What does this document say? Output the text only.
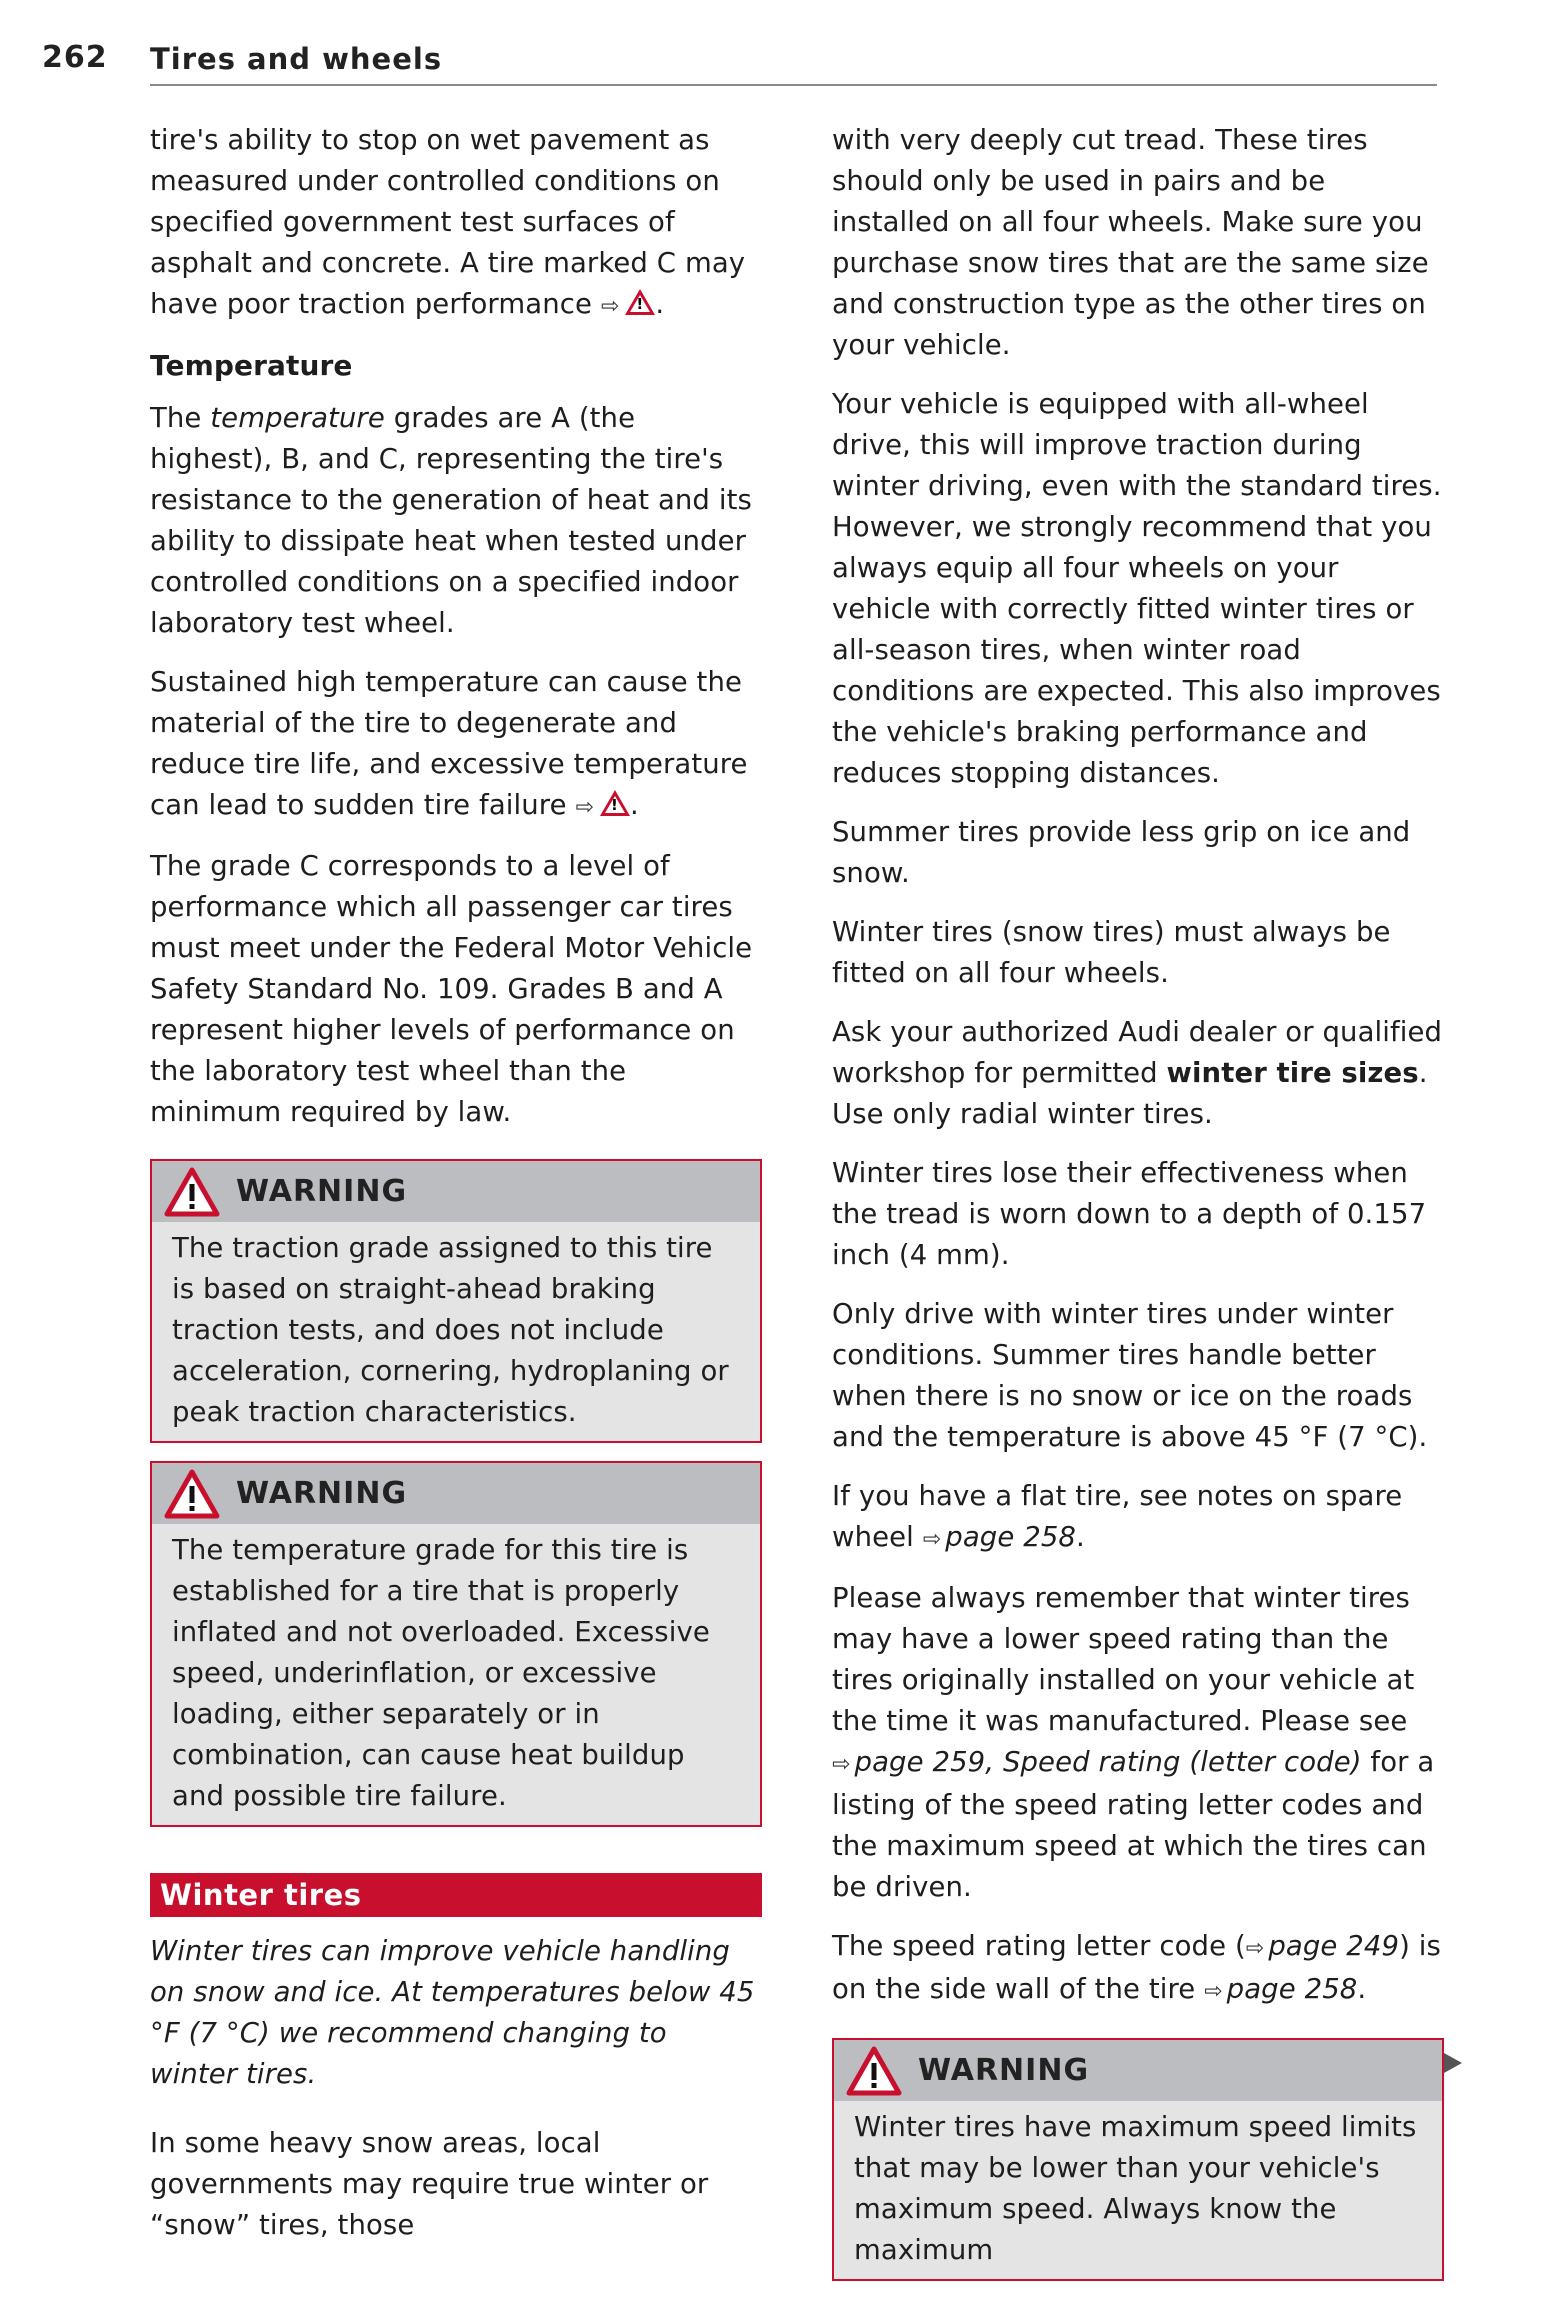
262 Tires and wheels

tire's ability to stop on wet pavement as measured under controlled conditions on specified government test surfaces of asphalt and concrete. A tire marked C may have poor traction performance ⇨ ! .

Temperature

The temperature grades are A (the highest), B, and C, representing the tire's resistance to the generation of heat and its ability to dissipate heat when tested under controlled conditions on a specified indoor laboratory test wheel.

Sustained high temperature can cause the material of the tire to degenerate and reduce tire life, and excessive temperature can lead to sudden tire failure ⇨ ! .

The grade C corresponds to a level of performance which all passenger car tires must meet under the Federal Motor Vehicle Safety Standard No. 109. Grades B and A represent higher levels of performance on the laboratory test wheel than the minimum required by law.

WARNING
The traction grade assigned to this tire is based on straight-ahead braking traction tests, and does not include acceleration, cornering, hydroplaning or peak traction characteristics.
WARNING
The temperature grade for this tire is established for a tire that is properly inflated and not overloaded. Excessive speed, underinflation, or excessive loading, either separately or in combination, can cause heat buildup and possible tire failure.
Winter tires

Winter tires can improve vehicle handling on snow and ice. At temperatures below 45 °F (7 °C) we recommend changing to winter tires.

In some heavy snow areas, local governments may require true winter or “snow” tires, those

with very deeply cut tread. These tires should only be used in pairs and be installed on all four wheels. Make sure you purchase snow tires that are the same size and construction type as the other tires on your vehicle.

Your vehicle is equipped with all-wheel drive, this will improve traction during winter driving, even with the standard tires. However, we strongly recommend that you always equip all four wheels on your vehicle with correctly fitted winter tires or all-season tires, when winter road conditions are expected. This also improves the vehicle's braking performance and reduces stopping distances.

Summer tires provide less grip on ice and snow.

Winter tires (snow tires) must always be fitted on all four wheels.

Ask your authorized Audi dealer or qualified workshop for permitted winter tire sizes. Use only radial winter tires.

Winter tires lose their effectiveness when the tread is worn down to a depth of 0.157 inch (4 mm).

Only drive with winter tires under winter conditions. Summer tires handle better when there is no snow or ice on the roads and the temperature is above 45 °F (7 °C).

If you have a flat tire, see notes on spare wheel ⇨ page 258.

Please always remember that winter tires may have a lower speed rating than the tires originally installed on your vehicle at the time it was manufactured. Please see ⇨ page 259, Speed rating (letter code) for a listing of the speed rating letter codes and the maximum speed at which the tires can be driven.

The speed rating letter code (⇨ page 249) is on the side wall of the tire ⇨ page 258.

WARNING
Winter tires have maximum speed limits that may be lower than your vehicle's maximum speed. Always know the maximum
